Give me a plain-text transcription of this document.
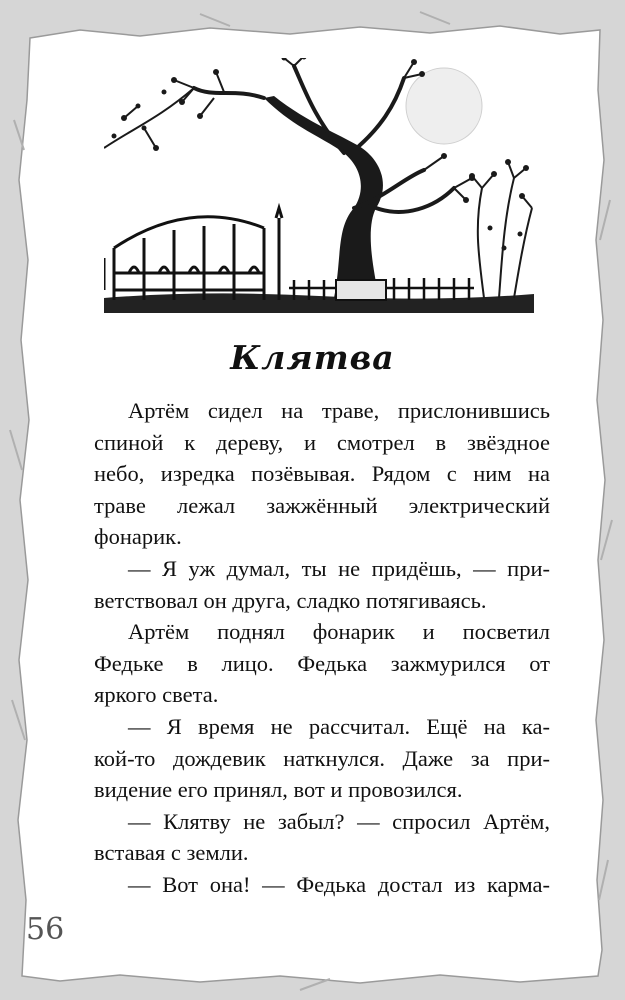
Клятва
Артём сидел на траве, прислонившись
спиной к дереву, и смотрел в звёздное
небо, изредка позёвывая. Рядом с ним на
траве лежал зажжённый электрический
фонарик.
— Я уж думал, ты не придёшь, — при-
ветствовал он друга, сладко потягиваясь.
Артём поднял фонарик и посветил
Федьке в лицо. Федька зажмурился от
яркого света.
— Я время не рассчитал. Ещё на ка-
кой-то дождевик наткнулся. Даже за при-
видение его принял, вот и провозился.
— Клятву не забыл? — спросил Артём,
вставая с земли.
— Вот она! — Федька достал из карма-
56
